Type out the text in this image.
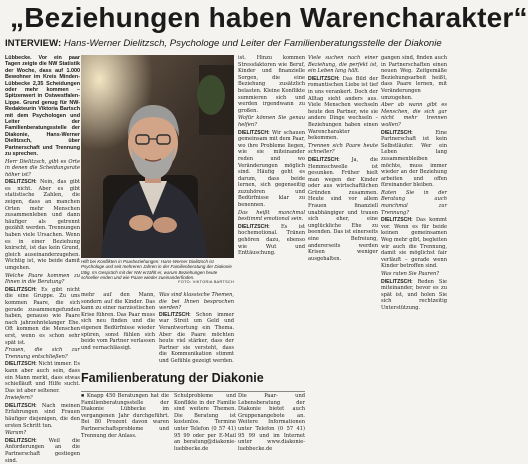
„Beziehungen haben Warencharakter“
INTERVIEW: Hans-Werner Dielitzsch, Psychologe und Leiter der Familienberatungsstelle der Diakonie

Lübbecke. Vor ein paar Tagen zeigte die NW Statistik der Woche, dass auf 1.000 Bewohner im Kreis Minden-Lübbecke 2,35 Scheidungen oder mehr kommen – Spitzenwert in Ostwestfalen-Lippe. Grund genug für NW-Redakteurin Viktoria Bartsch mit dem Psychologen und Leiter der Familienberatungsstelle der Diakonie, Hans-Werner Dielitzsch, über Partnerschaft und Trennung zu sprechen.

Herr Dielitzsch, gibt es Orte in denen die Scheidungsrate höher ist?

DIELITZSCH: Nein, das gibt es nicht. Aber es gibt statistische Zahlen, die zeigen, dass an manchen Orten mehr Menschen zusammenleben und dann häufiger als getrennt gezählt werden. Trennungen haben viele Ursachen. Wenn es in einer Beziehung knirscht, ist das kein Grund, gleich auseinanderzugehen. Wichtig ist, wie beide damit umgehen.

Welche Paare kommen zu Ihnen in die Beratung?

DIELITZSCH: Es gibt nicht die eine Gruppe. Zu uns kommen Paare, die sich gerade zusammengefunden haben, genauso wie Paare nach jahrzehntelanger Ehe. Oft kommen die Menschen erst, wenn es schon sehr spät ist.

Frauen, die sich zur Trennung entschließen?

DIELITZSCH: Nicht immer. Es kann aber auch sein, dass ein Mann merkt, dass etwas schiefläuft und Hilfe sucht. Das ist aber seltener.

Inwiefern?

DIELITZSCH: Nach meinen Erfahrungen sind Frauen häufiger diejenigen, die den ersten Schritt tun.

Warum?

DIELITZSCH: Weil die Anforderungen an die Partnerschaft gestiegen sind.

Hilft bei Konflikten in Paarbeziehungen: Hans-Werner Dielitzsch ist Psychologe und seit mehreren Jahren in der Familienberatung der Diakonie tätig. Im Gespräch mit der NW erzählt er, warum Beziehungen heute schneller enden und wie Paare wieder zueinanderfinden.
FOTO: VIKTORIA BARTSCH
mehr auf den Mann, sondern auf die Kinder. Das kann zu einer narzisstischen Krise führen. Das Paar muss sich neu finden und die eigenen Bedürfnisse wieder spüren, sonst fühlen sich beide vom Partner verlassen und vernachlässigt.

Was sind klassische Themen, die bei Ihnen besprochen werden?

DIELITZSCH: Schon immer war Streit um Geld und Verantwortung ein Thema. Aber die Paare möchten heute viel stärker, dass der Partner sie versteht, dass die Kommunikation stimmt und Gefühle gezeigt werden.

ist. Hinzu kommen Stressfaktoren wie Beruf, Kinder und finanzielle Sorgen, die eine Beziehung zusätzlich belasten. Kleine Konflikte summieren sich und werden irgendwann zu großen.

Wofür können Sie genau helfen?

DIELITZSCH: Wir schauen gemeinsam mit dem Paar, wo ihre Probleme liegen, wie sie miteinander reden und wo Veränderungen möglich sind. Häufig geht es darum, dass beide lernen, sich gegenseitig zuzuhören und Bedürfnisse klar zu benennen.

Das heißt manchmal bestimmt emotional sein.

DIELITZSCH: Es ist hochemotional. Tränen gehören dazu, ebenso wie Wut und Enttäuschung.

Familienberatung der Diakonie
■ Knapp 450 Beratungen hat die Familienberatungsstelle der Diakonie Lübbecke im vergangenen Jahr durchgeführt. Bei 80 Prozent davon waren Partnerschaftsprobleme und Trennung der Anlass.
Schulprobleme und Konflikte in der Familie sind weitere Themen. Die Beratung ist kostenlos. Termine unter Telefon (0 57 41) 95 99 oder per E-Mail an beratung@diakonie-luebbecke.de
Die Paar- und Lebensberatung der Diakonie bietet auch Gruppenangebote an. Weitere Informationen unter Telefon (0 57 41) 95 99 und im Internet unter www.diakonie-luebbecke.de

Viele suchen nach einer Beziehung, die perfekt ist, ein Leben lang hält.

DIELITZSCH: Das Bild der romantischen Liebe ist tief in uns verankert. Doch der Alltag sieht anders aus. Viele Menschen wechseln heute den Partner, wie sie andere Dinge wechseln – Beziehungen haben einen Warencharakter bekommen.

Trennen sich Paare heute schneller?

DIELITZSCH: Ja, die Hemmschwelle ist gesunken. Früher hielt man wegen der Kinder oder aus wirtschaftlichen Gründen zusammen. Heute sind vor allem Frauen finanziell unabhängiger und trauen sich eher, eine unglückliche Ehe zu beenden. Das ist einerseits eine Befreiung, andererseits werden Krisen weniger ausgehalten.

gangen sind, finden auch in Partnerschaften einen neuen Weg. Zeitgemäße Beziehungsarbeit heißt, dass Paare lernen, mit Veränderungen umzugehen.

Aber ab wann gibt es Menschen, die sich gar nicht mehr trennen wollen?

DIELITZSCH: Eine Partnerschaft ist kein Selbstläufer. Wer ein Leben lang zusammenbleiben möchte, muss immer wieder an der Beziehung arbeiten und offen füreinander bleiben.

Raten Sie in der Beratung auch manchmal zur Trennung?

DIELITZSCH: Das kommt vor. Wenn es für beide keinen gemeinsamen Weg mehr gibt, begleiten wir auch die Trennung, damit sie möglichst fair verläuft – gerade wenn Kinder betroffen sind.

Was raten Sie Paaren?

DIELITZSCH: Reden Sie miteinander, bevor es zu spät ist, und holen Sie sich rechtzeitig Unterstützung.
